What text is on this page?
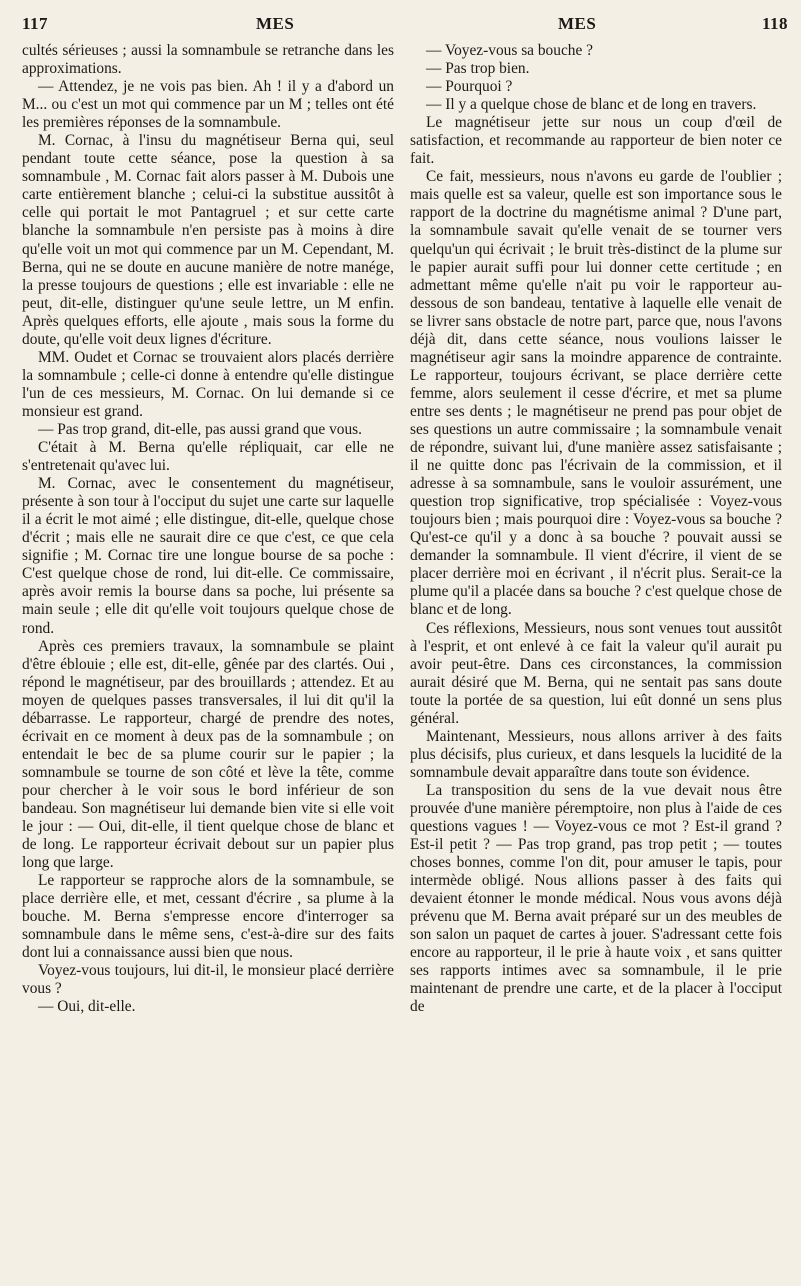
117	MES	MES	118

cultés sérieuses ; aussi la somnambule se retranche dans les approximations.

— Attendez, je ne vois pas bien. Ah ! il y a d'abord un M... ou c'est un mot qui commence par un M ; telles ont été les premières réponses de la somnambule.

M. Cornac, à l'insu du magnétiseur Berna qui, seul pendant toute cette séance, pose la question à sa somnambule , M. Cornac fait alors passer à M. Dubois une carte entièrement blanche ; celui-ci la substitue aussitôt à celle qui portait le mot Pantagruel ; et sur cette carte blanche la somnambule n'en persiste pas à moins à dire qu'elle voit un mot qui commence par un M. Cependant, M. Berna, qui ne se doute en aucune manière de notre manége, la presse toujours de questions ; elle est invariable : elle ne peut, dit-elle, distinguer qu'une seule lettre, un M enfin. Après quelques efforts, elle ajoute , mais sous la forme du doute, qu'elle voit deux lignes d'écriture.

MM. Oudet et Cornac se trouvaient alors placés derrière la somnambule ; celle-ci donne à entendre qu'elle distingue l'un de ces messieurs, M. Cornac. On lui demande si ce monsieur est grand.

— Pas trop grand, dit-elle, pas aussi grand que vous.

C'était à M. Berna qu'elle répliquait, car elle ne s'entretenait qu'avec lui.

M. Cornac, avec le consentement du magnétiseur, présente à son tour à l'occiput du sujet une carte sur laquelle il a écrit le mot aimé ; elle distingue, dit-elle, quelque chose d'écrit ; mais elle ne saurait dire ce que c'est, ce que cela signifie ; M. Cornac tire une longue bourse de sa poche : C'est quelque chose de rond, lui dit-elle. Ce commissaire, après avoir remis la bourse dans sa poche, lui présente sa main seule ; elle dit qu'elle voit toujours quelque chose de rond.

Après ces premiers travaux, la somnambule se plaint d'être éblouie ; elle est, dit-elle, gênée par des clartés. Oui , répond le magnétiseur, par des brouillards ; attendez. Et au moyen de quelques passes transversales, il lui dit qu'il la débarrasse. Le rapporteur, chargé de prendre des notes, écrivait en ce moment à deux pas de la somnambule ; on entendait le bec de sa plume courir sur le papier ; la somnambule se tourne de son côté et lève la tête, comme pour chercher à le voir sous le bord inférieur de son bandeau. Son magnétiseur lui demande bien vite si elle voit le jour : — Oui, dit-elle, il tient quelque chose de blanc et de long. Le rapporteur écrivait debout sur un papier plus long que large.

Le rapporteur se rapproche alors de la somnambule, se place derrière elle, et met, cessant d'écrire , sa plume à la bouche. M. Berna s'empresse encore d'interroger sa somnambule dans le même sens, c'est-à-dire sur des faits dont lui a connaissance aussi bien que nous.

Voyez-vous toujours, lui dit-il, le monsieur placé derrière vous ?

— Oui, dit-elle.

— Voyez-vous sa bouche ?

— Pas trop bien.

— Pourquoi ?

— Il y a quelque chose de blanc et de long en travers.

Le magnétiseur jette sur nous un coup d'œil de satisfaction, et recommande au rapporteur de bien noter ce fait.

Ce fait, messieurs, nous n'avons eu garde de l'oublier ; mais quelle est sa valeur, quelle est son importance sous le rapport de la doctrine du magnétisme animal ? D'une part, la somnambule savait qu'elle venait de se tourner vers quelqu'un qui écrivait ; le bruit très-distinct de la plume sur le papier aurait suffi pour lui donner cette certitude ; en admettant même qu'elle n'ait pu voir le rapporteur au-dessous de son bandeau, tentative à laquelle elle venait de se livrer sans obstacle de notre part, parce que, nous l'avons déjà dit, dans cette séance, nous voulions laisser le magnétiseur agir sans la moindre apparence de contrainte. Le rapporteur, toujours écrivant, se place derrière cette femme, alors seulement il cesse d'écrire, et met sa plume entre ses dents ; le magnétiseur ne prend pas pour objet de ses questions un autre commissaire ; la somnambule venait de répondre, suivant lui, d'une manière assez satisfaisante ; il ne quitte donc pas l'écrivain de la commission, et il adresse à sa somnambule, sans le vouloir assurément, une question trop significative, trop spécialisée : Voyez-vous toujours bien ; mais pourquoi dire : Voyez-vous sa bouche ? Qu'est-ce qu'il y a donc à sa bouche ? pouvait aussi se demander la somnambule. Il vient d'écrire, il vient de se placer derrière moi en écrivant , il n'écrit plus. Serait-ce la plume qu'il a placée dans sa bouche ? c'est quelque chose de blanc et de long.

Ces réflexions, Messieurs, nous sont venues tout aussitôt à l'esprit, et ont enlevé à ce fait la valeur qu'il aurait pu avoir peut-être. Dans ces circonstances, la commission aurait désiré que M. Berna, qui ne sentait pas sans doute toute la portée de sa question, lui eût donné un sens plus général.

Maintenant, Messieurs, nous allons arriver à des faits plus décisifs, plus curieux, et dans lesquels la lucidité de la somnambule devait apparaître dans toute son évidence.

La transposition du sens de la vue devait nous être prouvée d'une manière péremptoire, non plus à l'aide de ces questions vagues ! — Voyez-vous ce mot ? Est-il grand ? Est-il petit ? — Pas trop grand, pas trop petit ; — toutes choses bonnes, comme l'on dit, pour amuser le tapis, pour intermède obligé. Nous allions passer à des faits qui devaient étonner le monde médical. Nous vous avons déjà prévenu que M. Berna avait préparé sur un des meubles de son salon un paquet de cartes à jouer. S'adressant cette fois encore au rapporteur, il le prie à haute voix , et sans quitter ses rapports intimes avec sa somnambule, il le prie maintenant de prendre une carte, et de la placer à l'occiput de
